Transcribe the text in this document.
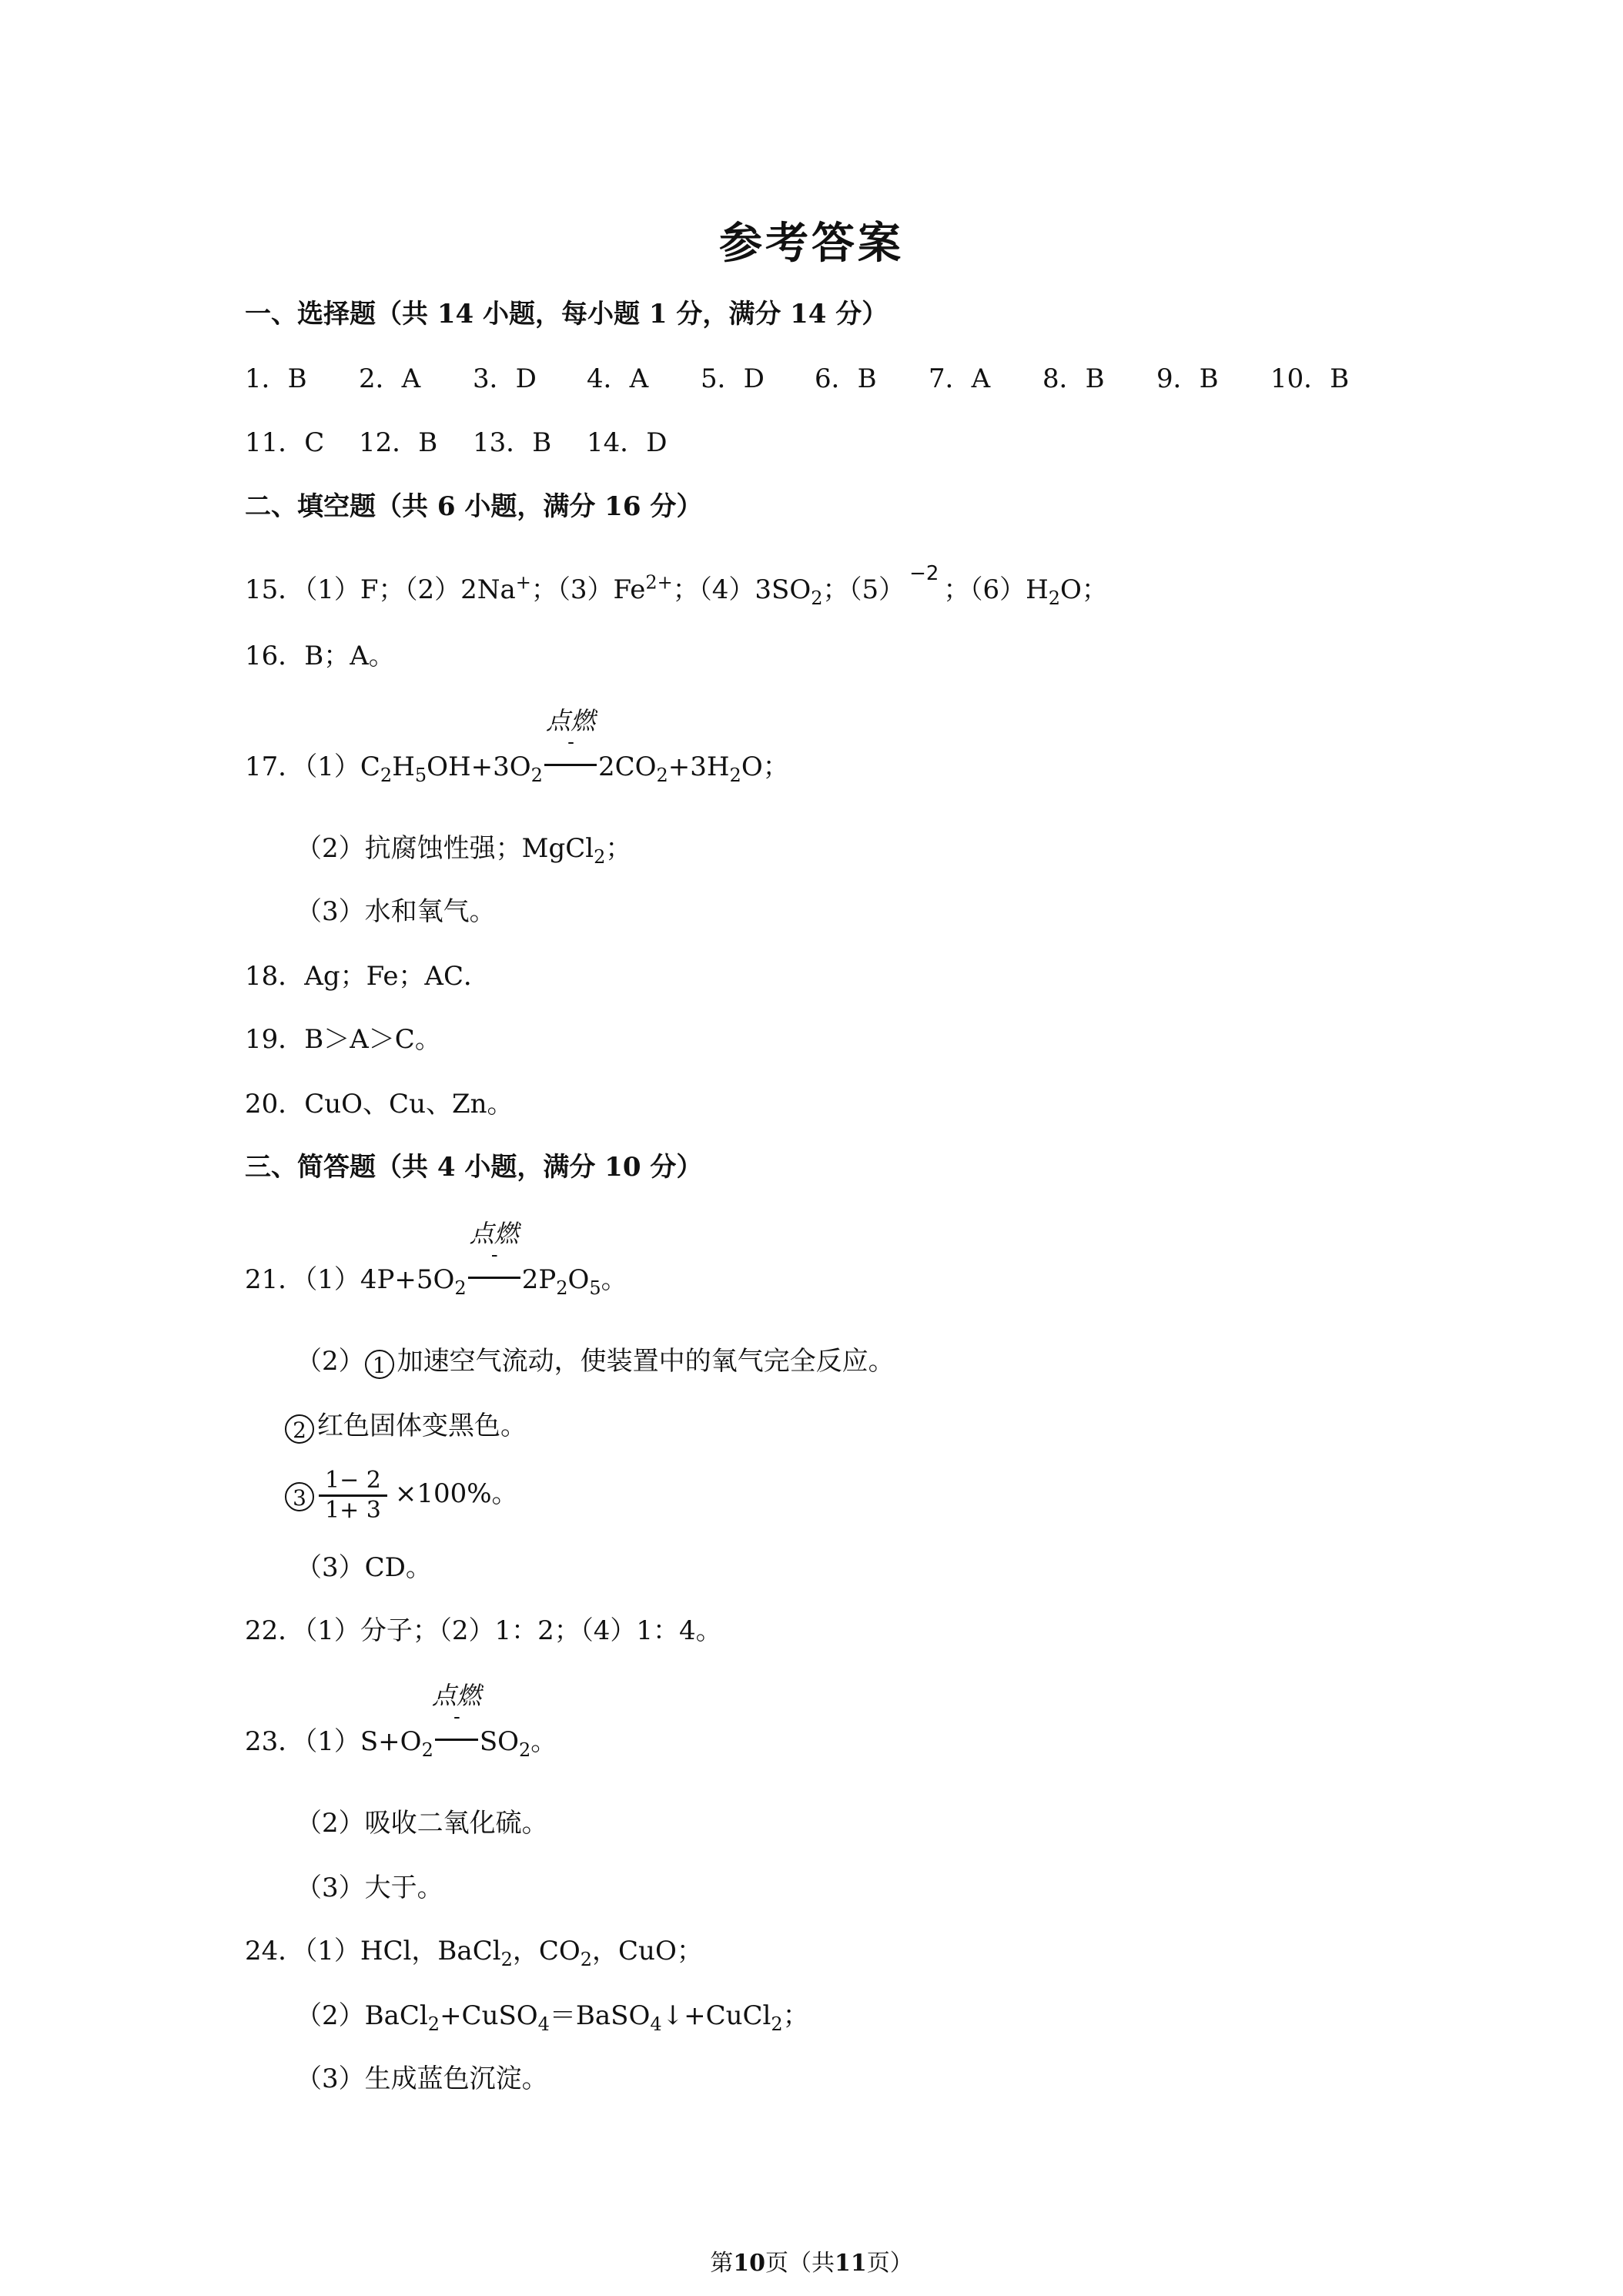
参考答案
一、选择题（共 14 小题，每小题 1 分，满分 14 分）
1．B 2．A 3．D 4．A 5．D 6．B 7．A 8．B 9．B 10．B
11．C 12．B 13．B 14．D
二、填空题（共 6 小题，满分 16 分）
15．（1）F；（2）2Na+；$(3)Fe^{2+}$；$(4)3SO_2$；$(5)^{-2}$；$(6)H_2O$；
16．B；A。
17．$(1)C_2H_5OH+3O_2$
点燃 -
$2CO_2+3H_2O$；
（2）抗腐蚀性强；MgCl$_2$；
（3）水和氧气。
18．Ag；Fe；AC．
19．B＞A＞C。
20．CuO、Cu、Zn。
三、简答题（共 4 小题，满分 10 分）
21．$(1)4P+5O_2$
点燃 -
$2P_2O_5$。
（2） 1 加速空气流动，使装置中的氧气完全反应。
2 红色固体变黑色。
$3 \frac{1- 2}{1+ 3} \times 100\%$。
（3）CD。
22．（1）分子；（2）1：2；（4）1：4。
23．$(1)S+O_2$
点燃 -
$SO_2$。
（2）吸收二氧化硫。
（3）大于。
24．（1）HCl，BaCl$_2$，$CO_2$，CuO；
（2）BaCl$_2$+CuSO$_4$＝BaSO$_4$↓+CuCl$_2$；
（3）生成蓝色沉淀。
第10页（共11页）
